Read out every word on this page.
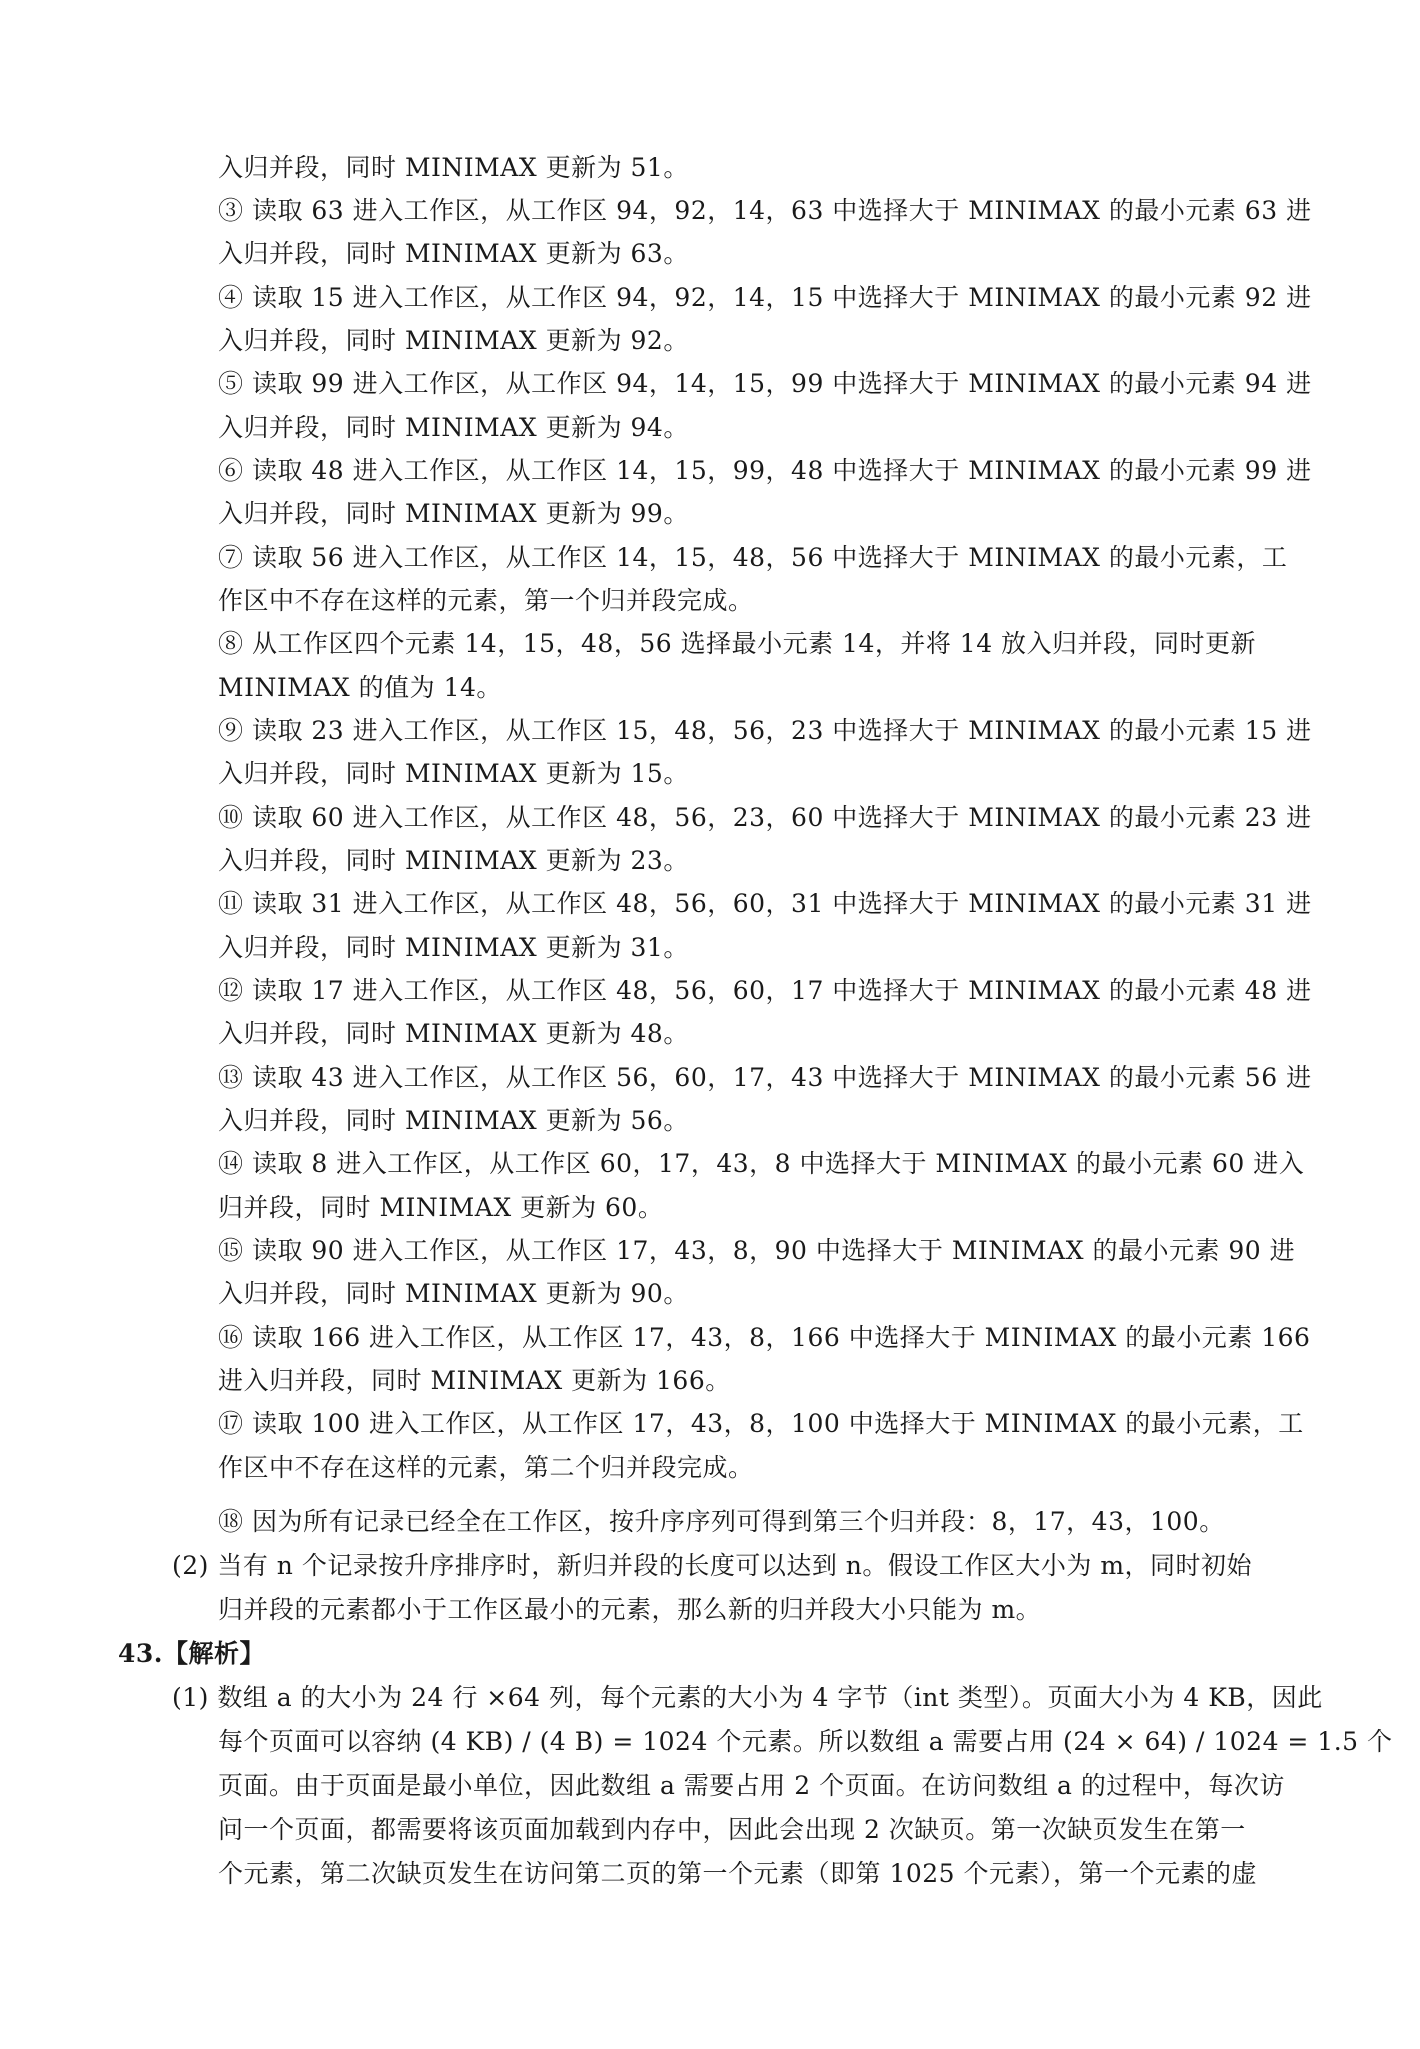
入归并段，同时 MINIMAX 更新为 51。
③ 读取 63 进入工作区，从工作区 94，92，14，63 中选择大于 MINIMAX 的最小元素 63 进
入归并段，同时 MINIMAX 更新为 63。
④ 读取 15 进入工作区，从工作区 94，92，14，15 中选择大于 MINIMAX 的最小元素 92 进
入归并段，同时 MINIMAX 更新为 92。
⑤ 读取 99 进入工作区，从工作区 94，14，15，99 中选择大于 MINIMAX 的最小元素 94 进
入归并段，同时 MINIMAX 更新为 94。
⑥ 读取 48 进入工作区，从工作区 14，15，99，48 中选择大于 MINIMAX 的最小元素 99 进
入归并段，同时 MINIMAX 更新为 99。
⑦ 读取 56 进入工作区，从工作区 14，15，48，56 中选择大于 MINIMAX 的最小元素，工
作区中不存在这样的元素，第一个归并段完成。
⑧ 从工作区四个元素 14，15，48，56 选择最小元素 14，并将 14 放入归并段，同时更新
MINIMAX 的值为 14。
⑨ 读取 23 进入工作区，从工作区 15，48，56，23 中选择大于 MINIMAX 的最小元素 15 进
入归并段，同时 MINIMAX 更新为 15。
⑩ 读取 60 进入工作区，从工作区 48，56，23，60 中选择大于 MINIMAX 的最小元素 23 进
入归并段，同时 MINIMAX 更新为 23。
⑪ 读取 31 进入工作区，从工作区 48，56，60，31 中选择大于 MINIMAX 的最小元素 31 进
入归并段，同时 MINIMAX 更新为 31。
⑫ 读取 17 进入工作区，从工作区 48，56，60，17 中选择大于 MINIMAX 的最小元素 48 进
入归并段，同时 MINIMAX 更新为 48。
⑬ 读取 43 进入工作区，从工作区 56，60，17，43 中选择大于 MINIMAX 的最小元素 56 进
入归并段，同时 MINIMAX 更新为 56。
⑭ 读取 8 进入工作区，从工作区 60，17，43，8 中选择大于 MINIMAX 的最小元素 60 进入
归并段，同时 MINIMAX 更新为 60。
⑮ 读取 90 进入工作区，从工作区 17，43，8，90 中选择大于 MINIMAX 的最小元素 90 进
入归并段，同时 MINIMAX 更新为 90。
⑯ 读取 166 进入工作区，从工作区 17，43，8，166 中选择大于 MINIMAX 的最小元素 166
进入归并段，同时 MINIMAX 更新为 166。
⑰ 读取 100 进入工作区，从工作区 17，43，8，100 中选择大于 MINIMAX 的最小元素，工
作区中不存在这样的元素，第二个归并段完成。
⑱ 因为所有记录已经全在工作区，按升序序列可得到第三个归并段：8，17，43，100。
(2) 当有 n 个记录按升序排序时，新归并段的长度可以达到 n。假设工作区大小为 m，同时初始
归并段的元素都小于工作区最小的元素，那么新的归并段大小只能为 m。
43.【解析】
(1) 数组 a 的大小为 24 行 ×64 列，每个元素的大小为 4 字节（int 类型）。页面大小为 4 KB，因此
每个页面可以容纳 (4 KB) / (4 B) = 1024 个元素。所以数组 a 需要占用 (24 × 64) / 1024 = 1.5 个
页面。由于页面是最小单位，因此数组 a 需要占用 2 个页面。在访问数组 a 的过程中，每次访
问一个页面，都需要将该页面加载到内存中，因此会出现 2 次缺页。第一次缺页发生在第一
个元素，第二次缺页发生在访问第二页的第一个元素（即第 1025 个元素），第一个元素的虚
